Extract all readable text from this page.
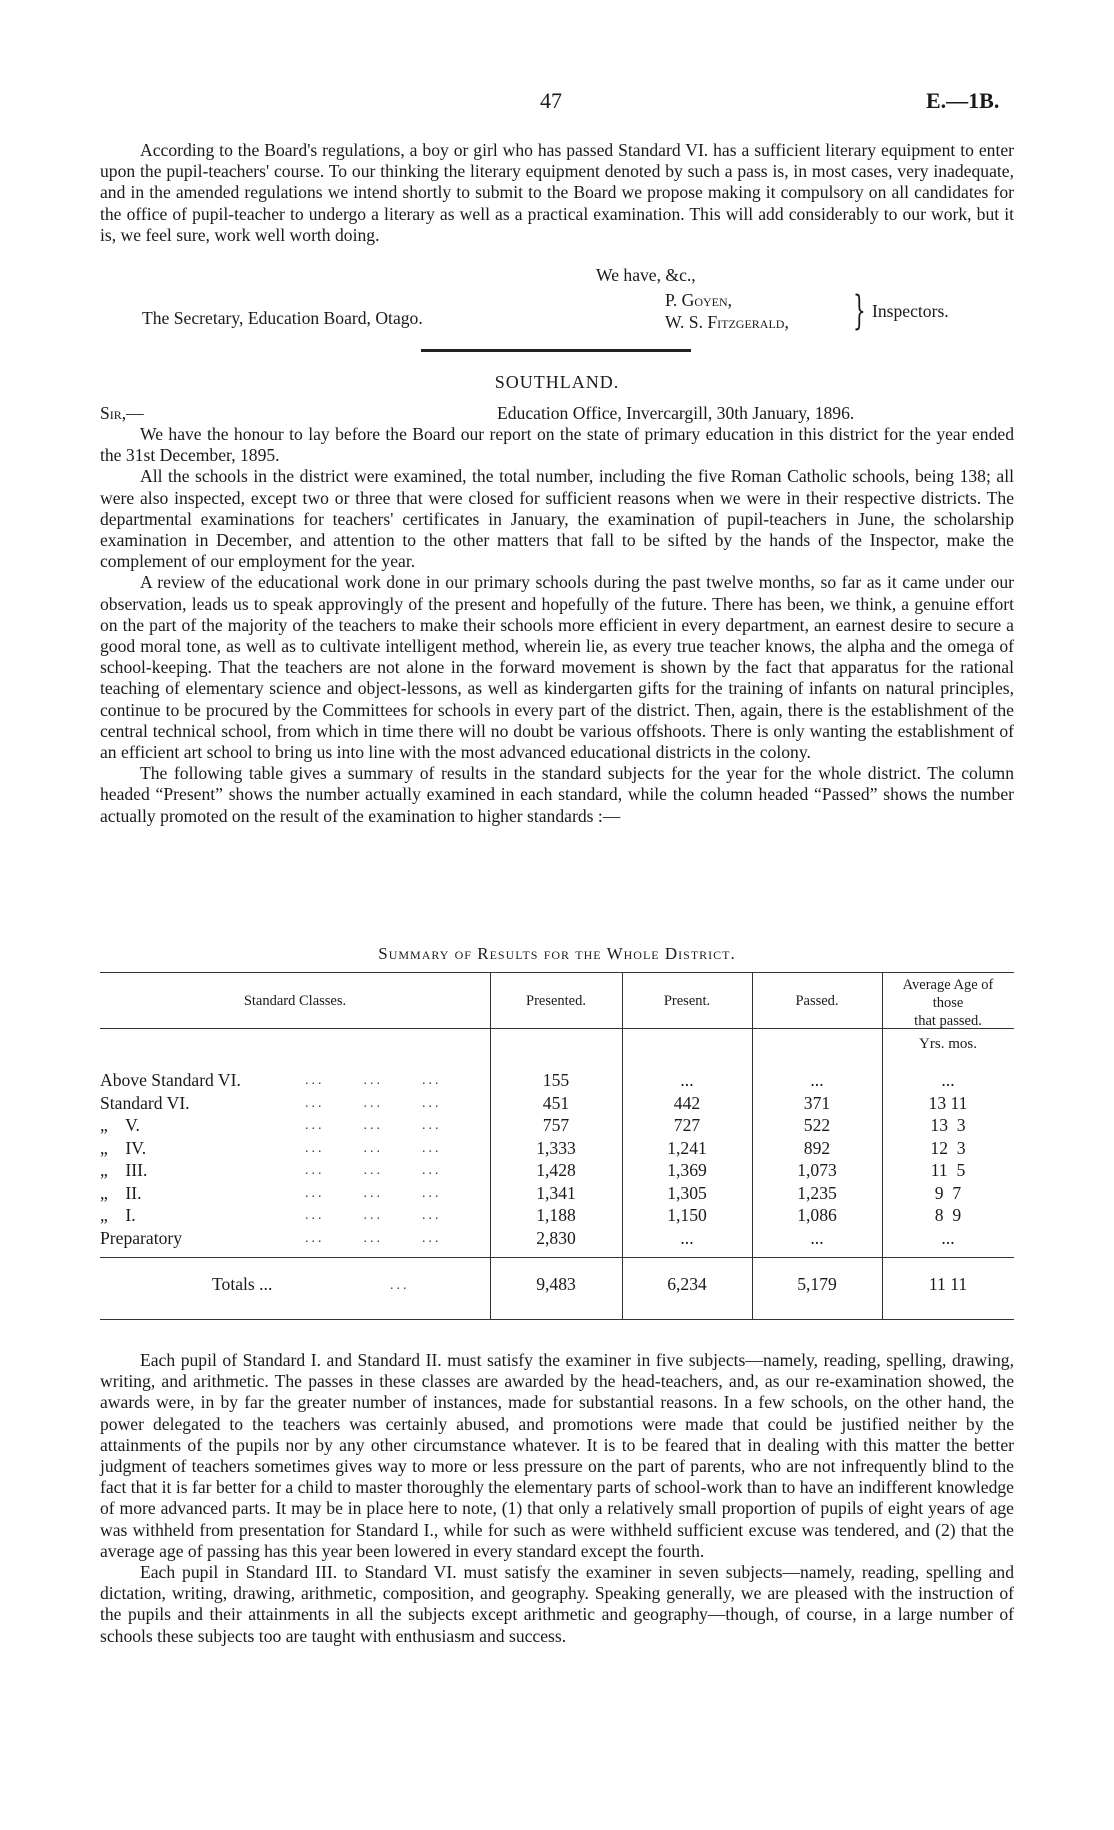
47	E.—1B.

According to the Board's regulations, a boy or girl who has passed Standard VI. has a sufficient literary equipment to enter upon the pupil-teachers' course. To our thinking the literary equipment denoted by such a pass is, in most cases, very inadequate, and in the amended regulations we intend shortly to submit to the Board we propose making it compulsory on all candidates for the office of pupil-teacher to undergo a literary as well as a practical examination. This will add considerably to our work, but it is, we feel sure, work well worth doing.

We have, &c.,
The Secretary, Education Board, Otago.
P. Goyen,
W. S. Fitzgerald, } Inspectors.
SOUTHLAND.
Sir,—	Education Office, Invercargill, 30th January, 1896.

We have the honour to lay before the Board our report on the state of primary education in this district for the year ended the 31st December, 1895.

All the schools in the district were examined, the total number, including the five Roman Catholic schools, being 138; all were also inspected, except two or three that were closed for sufficient reasons when we were in their respective districts. The departmental examinations for teachers' certificates in January, the examination of pupil-teachers in June, the scholarship examination in December, and attention to the other matters that fall to be sifted by the hands of the Inspector, make the complement of our employment for the year.

A review of the educational work done in our primary schools during the past twelve months, so far as it came under our observation, leads us to speak approvingly of the present and hopefully of the future. There has been, we think, a genuine effort on the part of the majority of the teachers to make their schools more efficient in every department, an earnest desire to secure a good moral tone, as well as to cultivate intelligent method, wherein lie, as every true teacher knows, the alpha and the omega of school-keeping. That the teachers are not alone in the forward movement is shown by the fact that apparatus for the rational teaching of elementary science and object-lessons, as well as kindergarten gifts for the training of infants on natural principles, continue to be procured by the Committees for schools in every part of the district. Then, again, there is the establishment of the central technical school, from which in time there will no doubt be various offshoots. There is only wanting the establishment of an efficient art school to bring us into line with the most advanced educational districts in the colony.

The following table gives a summary of results in the standard subjects for the year for the whole district. The column headed “Present” shows the number actually examined in each standard, while the column headed “Passed” shows the number actually promoted on the result of the examination to higher standards :—

Summary of Results for the Whole District.
Standard Classes.	Presented.	Present.	Passed.
Average Age of
those
that passed.
Yrs. mos.
Above Standard VI.	...      ...      ...	155	...	...	...
Standard VI.	...      ...      ...	451	442	371	13 11
„    V.	...      ...      ...	757	727	522	13  3
„    IV.	...      ...      ...	1,333	1,241	892	12  3
„    III.	...      ...      ...	1,428	1,369	1,073	11  5
„    II.	...      ...      ...	1,341	1,305	1,235	9  7
„    I.	...      ...      ...	1,188	1,150	1,086	8  9
Preparatory	...      ...      ...	2,830	...	...	...
Totals ...	...	9,483	6,234	5,179	11 11

Each pupil of Standard I. and Standard II. must satisfy the examiner in five subjects—namely, reading, spelling, drawing, writing, and arithmetic. The passes in these classes are awarded by the head-teachers, and, as our re-examination showed, the awards were, in by far the greater number of instances, made for substantial reasons. In a few schools, on the other hand, the power delegated to the teachers was certainly abused, and promotions were made that could be justified neither by the attainments of the pupils nor by any other circumstance whatever. It is to be feared that in dealing with this matter the better judgment of teachers sometimes gives way to more or less pressure on the part of parents, who are not infrequently blind to the fact that it is far better for a child to master thoroughly the elementary parts of school-work than to have an indifferent knowledge of more advanced parts. It may be in place here to note, (1) that only a relatively small proportion of pupils of eight years of age was withheld from presentation for Standard I., while for such as were withheld sufficient excuse was tendered, and (2) that the average age of passing has this year been lowered in every standard except the fourth.

Each pupil in Standard III. to Standard VI. must satisfy the examiner in seven subjects—namely, reading, spelling and dictation, writing, drawing, arithmetic, composition, and geography. Speaking generally, we are pleased with the instruction of the pupils and their attainments in all the subjects except arithmetic and geography—though, of course, in a large number of schools these subjects too are taught with enthusiasm and success.
